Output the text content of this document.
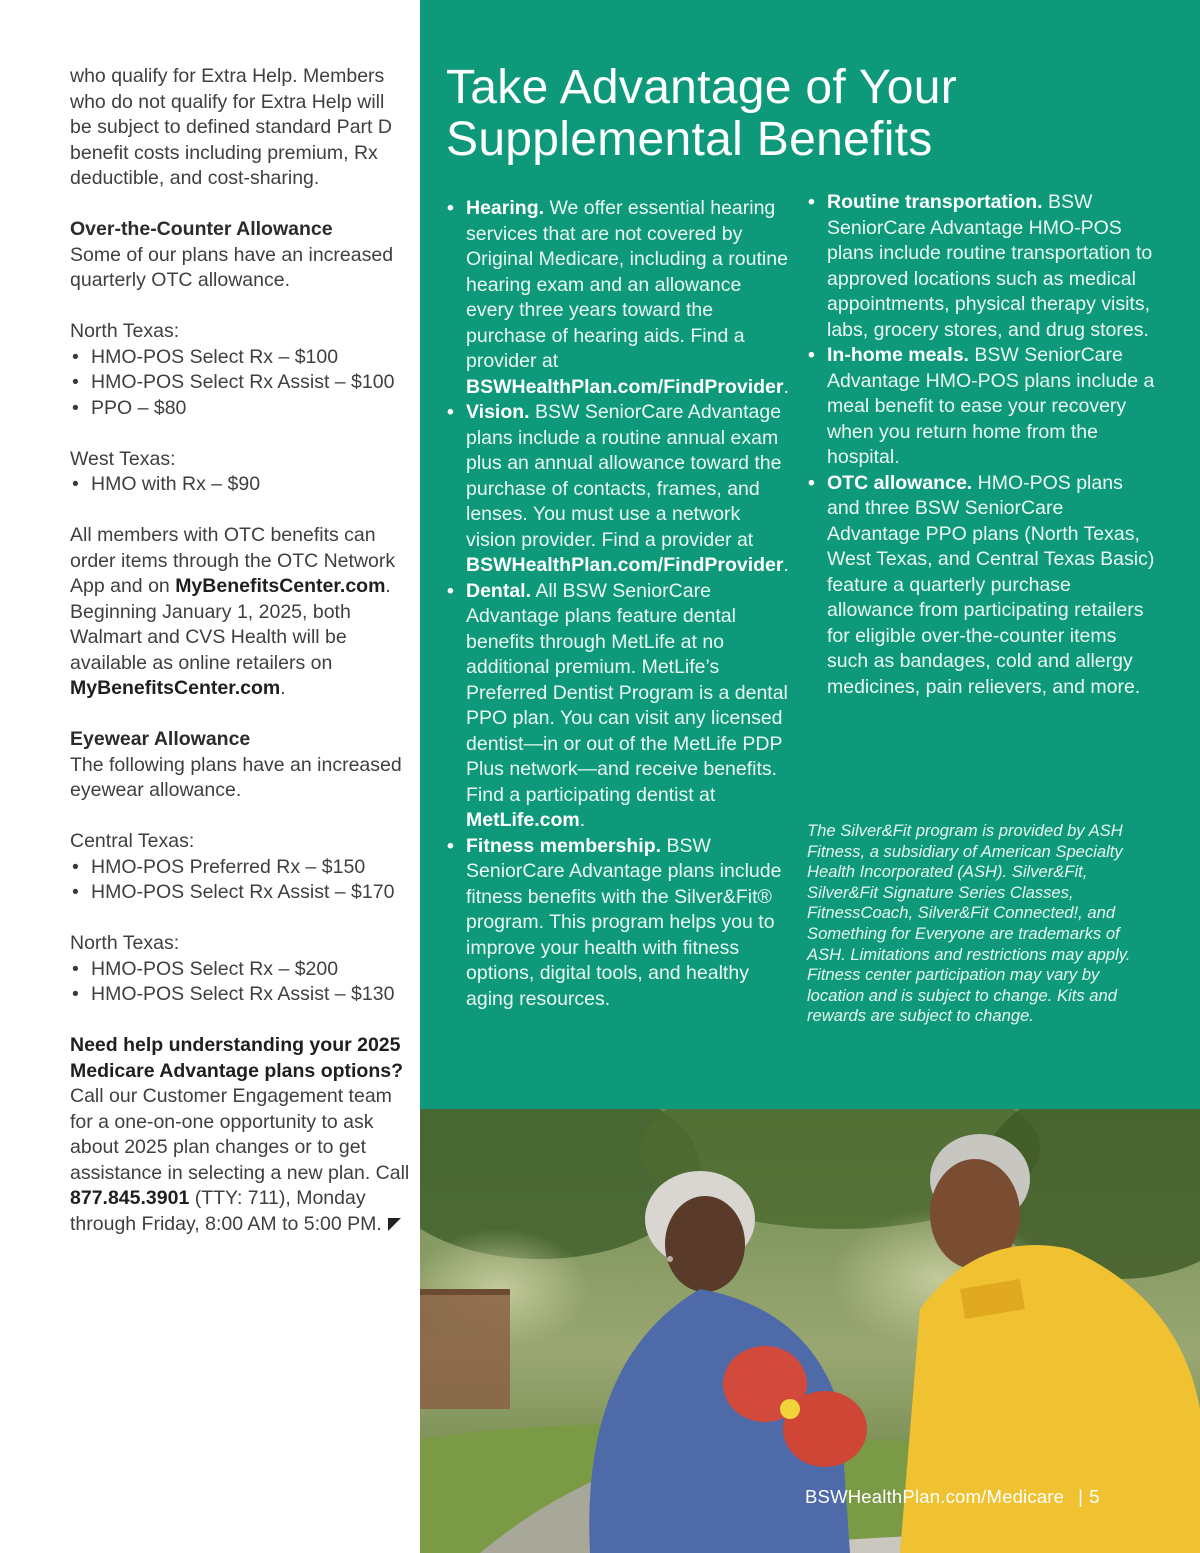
who qualify for Extra Help. Members who do not qualify for Extra Help will be subject to defined standard Part D benefit costs including premium, Rx deductible, and cost-sharing.

Over-the-Counter Allowance

Some of our plans have an increased quarterly OTC allowance.

North Texas:

• HMO-POS Select Rx – $100
• HMO-POS Select Rx Assist – $100
• PPO – $80

West Texas:

• HMO with Rx – $90

All members with OTC benefits can order items through the OTC Network App and on MyBenefitsCenter.com. Beginning January 1, 2025, both Walmart and CVS Health will be available as online retailers on MyBenefitsCenter.com.

Eyewear Allowance

The following plans have an increased eyewear allowance.

Central Texas:

• HMO-POS Preferred Rx – $150
• HMO-POS Select Rx Assist – $170

North Texas:

• HMO-POS Select Rx – $200
• HMO-POS Select Rx Assist – $130

Need help understanding your 2025 Medicare Advantage plans options? Call our Customer Engagement team for a one-on-one opportunity to ask about 2025 plan changes or to get assistance in selecting a new plan. Call 877.845.3901 (TTY: 711), Monday through Friday, 8:00 AM to 5:00 PM.

Take Advantage of Your
Supplemental Benefits
• Hearing. We offer essential hearing services that are not covered by Original Medicare, including a routine hearing exam and an allowance every three years toward the purchase of hearing aids. Find a provider at BSWHealthPlan.com/FindProvider.
• Vision. BSW SeniorCare Advantage plans include a routine annual exam plus an annual allowance toward the purchase of contacts, frames, and lenses. You must use a network vision provider. Find a provider at BSWHealthPlan.com/FindProvider.
• Dental. All BSW SeniorCare Advantage plans feature dental benefits through MetLife at no additional premium. MetLife’s Preferred Dentist Program is a dental PPO plan. You can visit any licensed dentist—in or out of the MetLife PDP Plus network—and receive benefits. Find a participating dentist at MetLife.com.
• Fitness membership. BSW SeniorCare Advantage plans include fitness benefits with the Silver&Fit® program. This program helps you to improve your health with fitness options, digital tools, and healthy aging resources.
• Routine transportation. BSW SeniorCare Advantage HMO-POS plans include routine transportation to approved locations such as medical appointments, physical therapy visits, labs, grocery stores, and drug stores.
• In-home meals. BSW SeniorCare Advantage HMO-POS plans include a meal benefit to ease your recovery when you return home from the hospital.
• OTC allowance. HMO-POS plans and three BSW SeniorCare Advantage PPO plans (North Texas, West Texas, and Central Texas Basic) feature a quarterly purchase allowance from participating retailers for eligible over-the-counter items such as bandages, cold and allergy medicines, pain relievers, and more.

The Silver&Fit program is provided by ASH Fitness, a subsidiary of American Specialty Health Incorporated (ASH). Silver&Fit, Silver&Fit Signature Series Classes, FitnessCoach, Silver&Fit Connected!, and Something for Everyone are trademarks of ASH. Limitations and restrictions may apply. Fitness center participation may vary by location and is subject to change. Kits and rewards are subject to change.

BSWHealthPlan.com/Medicare | 5
